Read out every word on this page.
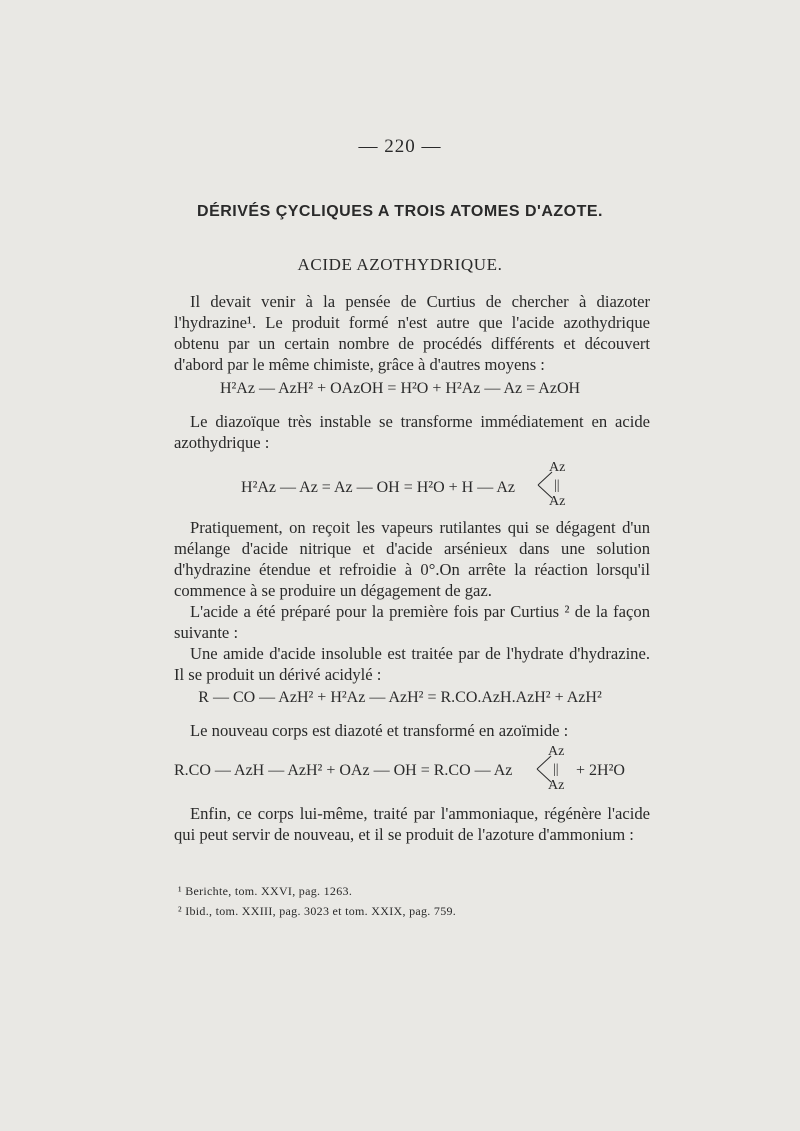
— 220 —
DÉRIVÉS ÇYCLIQUES A TROIS ATOMES D'AZOTE.
ACIDE AZOTHYDRIQUE.
Il devait venir à la pensée de Curtius de chercher à diazoter l'hydrazine¹. Le produit formé n'est autre que l'acide azothydrique obtenu par un certain nombre de procédés différents et découvert d'abord par le même chimiste, grâce à d'autres moyens :
H²Az — AzH² + OAzOH = H²O + H²Az — Az = AzOH
Le diazoïque très instable se transforme immédiatement en acide azothydrique :
H²Az — Az = Az — OH = H²O + H — Az
Az
||
Az
Pratiquement, on reçoit les vapeurs rutilantes qui se dégagent d'un mélange d'acide nitrique et d'acide arsénieux dans une solution d'hydrazine étendue et refroidie à 0°.On arrête la réaction lorsqu'il commence à se produire un dégagement de gaz.
L'acide a été préparé pour la première fois par Curtius ² de la façon suivante :
Une amide d'acide insoluble est traitée par de l'hydrate d'hydrazine. Il se produit un dérivé acidylé :
R — CO — AzH² + H²Az — AzH² = R.CO.AzH.AzH² + AzH²
Le nouveau corps est diazoté et transformé en azoïmide :
R.CO — AzH — AzH² + OAz — OH = R.CO — Az
Az
||
Az
+ 2H²O
Enfin, ce corps lui-même, traité par l'ammoniaque, régénère l'acide qui peut servir de nouveau, et il se produit de l'azoture d'ammonium :
¹ Berichte, tom. XXVI, pag. 1263.
² Ibid., tom. XXIII, pag. 3023 et tom. XXIX, pag. 759.
